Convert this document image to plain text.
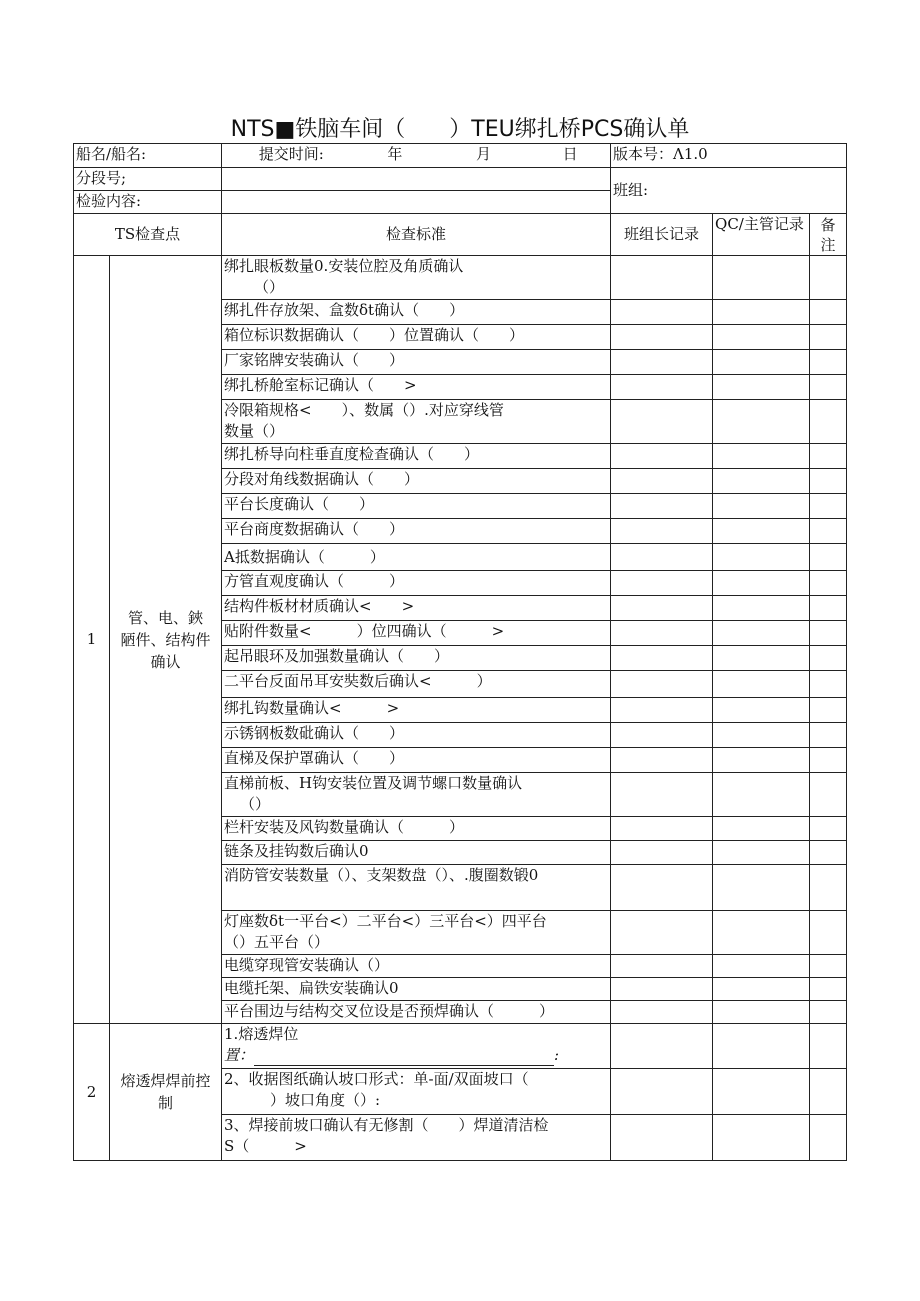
NTS■铁脑车间（　　）TEU绑扎桥PCS确认单
船名/船名:		提交时间: 年 月 日	版本号：Λ1.0		
分段号;			班组:		
检验内容:					
TS检查点		检查标准	班组长记录	QC/主管记录	备
注
1	管、电、鋏
陋件、结构件
确认	绑扎眼板数量0.安装位腔及角质确认
（）			

		绑扎件存放架、盒数δt确认（　　）			
		箱位标识数据确认（　　）位置确认（　　）			
		厂家铭牌安装确认（　　）			
		绑扎桥舱室标记确认（　　>			
		冷限箱规格<　　）、数属（）.对应穿线管
数量（）			
		绑扎桥导向柱垂直度检查确认（　　）			
		分段对角线数据确认（　　）			
		平台长度确认（　　）			
		平台商度数据确认（　　）			
		A抵数据确认（　　　）			
		方管直观度确认（　　　）			
		结构件板材材质确认<　　>			
		贴附件数量<　　　）位四确认（　　　>			
		起吊眼环及加强数量确认（　　）			
		二平台反面吊耳安奘数后确认<　　　）			
		绑扎钩数量确认<　　　>			
		示锈钢板数砒确认（　　）			
		直梯及保护罩确认（　　）			
		直梯前板、H钩安装位置及调节螺口数量确认
（）			
		栏杆安装及风钩数量确认（　　　）			
		链条及挂钩数后确认0			
		消防管安装数量（）、支架数盘（）、.腹圈数锻0

		灯座数δt一平台<）二平台<）三平台<）四平台
（）五平台（）			
		电缆穿现管安装确认（）			
		电缆托架、扁铁安装确认0			
		平台围边与结构交叉位设是否预焊确认（　　　）			
2	熔透焊焊前控
制	1.熔透焊位
置： :			
		2、收据图纸确认坡口形式：单-面/双面坡口（
　　）坡口角度（）:			
		3、焊接前坡口确认有无修割（　　）焊道清洁检
S（　　　>			
